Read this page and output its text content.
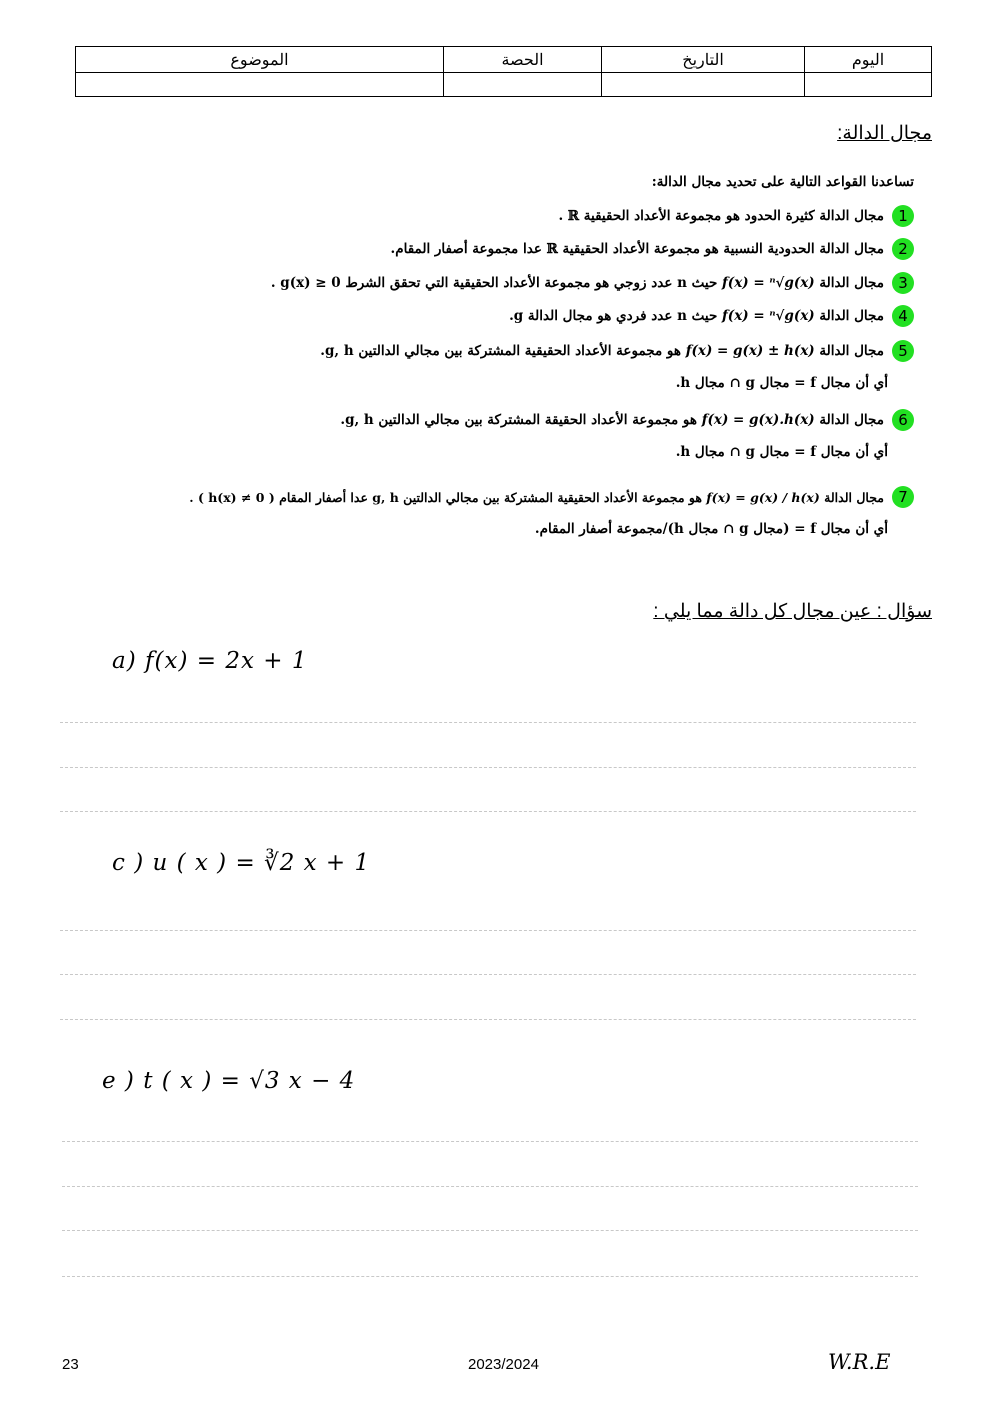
الموضوع	الحصة	التاريخ	اليوم

مجال الدالة:
تساعدنا القواعد التالية على تحديد مجال الدالة:
1
مجال الدالة كثيرة الحدود هو مجموعة الأعداد الحقيقية ℝ .
2
مجال الدالة الحدودية النسبية هو مجموعة الأعداد الحقيقية ℝ عدا مجموعة أصفار المقام.
3
مجال الدالة

f(x) = ⁿ√g(x)

حيث n عدد زوجي هو مجموعة الأعداد الحقيقية التي تحقق الشرط g(x) ≥ 0 .
4
مجال الدالة

f(x) = ⁿ√g(x)

حيث n عدد فردي هو مجال الدالة g.
5
مجال الدالة

f(x) = g(x) ± h(x)

هو مجموعة الأعداد الحقيقية المشتركة بين مجالي الدالتين g, h.
أي أن مجال f = مجال g ∩ مجال h.
6
مجال الدالة

f(x) = g(x).h(x)

هو مجموعة الأعداد الحقيقة المشتركة بين مجالي الدالتين g, h.
أي أن مجال f = مجال g ∩ مجال h.
7
مجال الدالة

f(x) = g(x) / h(x)

هو مجموعة الأعداد الحقيقية المشتركة بين مجالي الدالتين g, h عدا أصفار المقام ( h(x) ≠ 0 ) .
أي أن مجال f = (مجال g ∩ مجال h)/مجموعة أصفار المقام.
سؤال : عين مجال كل دالة مما يلي :
a) f(x) = 2x + 1
c ) u ( x ) = ∛2 x + 1
e ) t ( x ) = √3 x − 4
23	2023/2024	W.R.E
